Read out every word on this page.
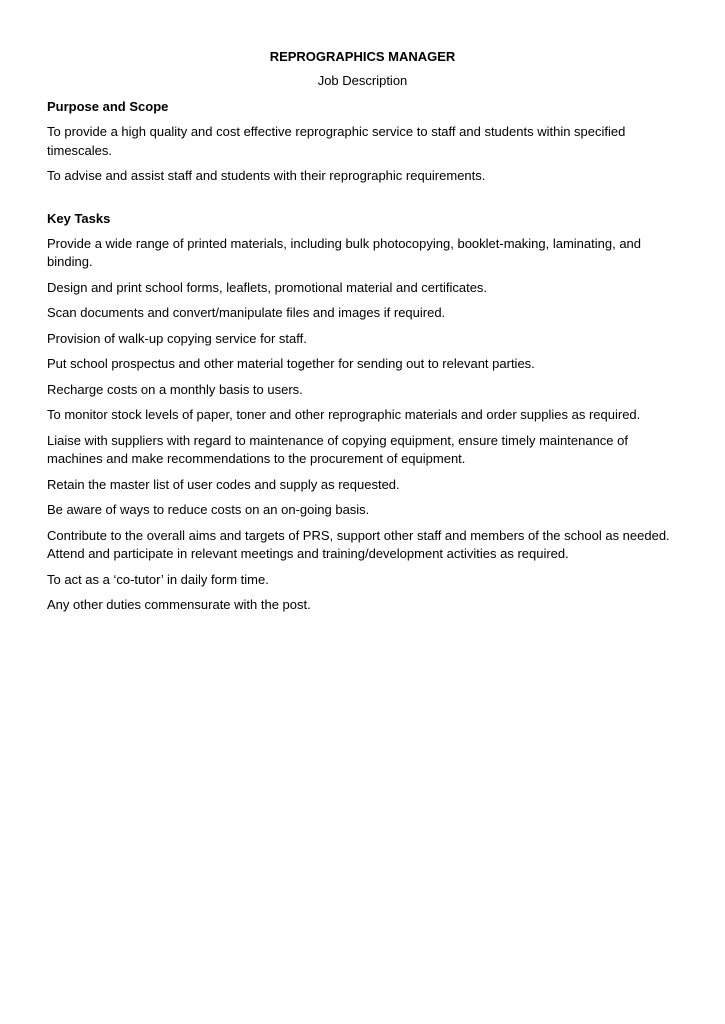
REPROGRAPHICS MANAGER

Job Description

Purpose and Scope

To provide a high quality and cost effective reprographic service to staff and students within specified timescales.

To advise and assist staff and students with their reprographic requirements.

Key Tasks

Provide a wide range of printed materials, including bulk photocopying, booklet-making, laminating, and binding.

Design and print school forms, leaflets, promotional material and certificates.

Scan documents and convert/manipulate files and images if required.

Provision of walk-up copying service for staff.

Put school prospectus and other material together for sending out to relevant parties.

Recharge costs on a monthly basis to users.

To monitor stock levels of paper, toner and other reprographic materials and order supplies as required.

Liaise with suppliers with regard to maintenance of copying equipment, ensure timely maintenance of machines and make recommendations to the procurement of equipment.

Retain the master list of user codes and supply as requested.

Be aware of ways to reduce costs on an on-going basis.

Contribute to the overall aims and targets of PRS, support other staff and members of the school as needed. Attend and participate in relevant meetings and training/development activities as required.

To act as a ‘co-tutor’ in daily form time.

Any other duties commensurate with the post.
